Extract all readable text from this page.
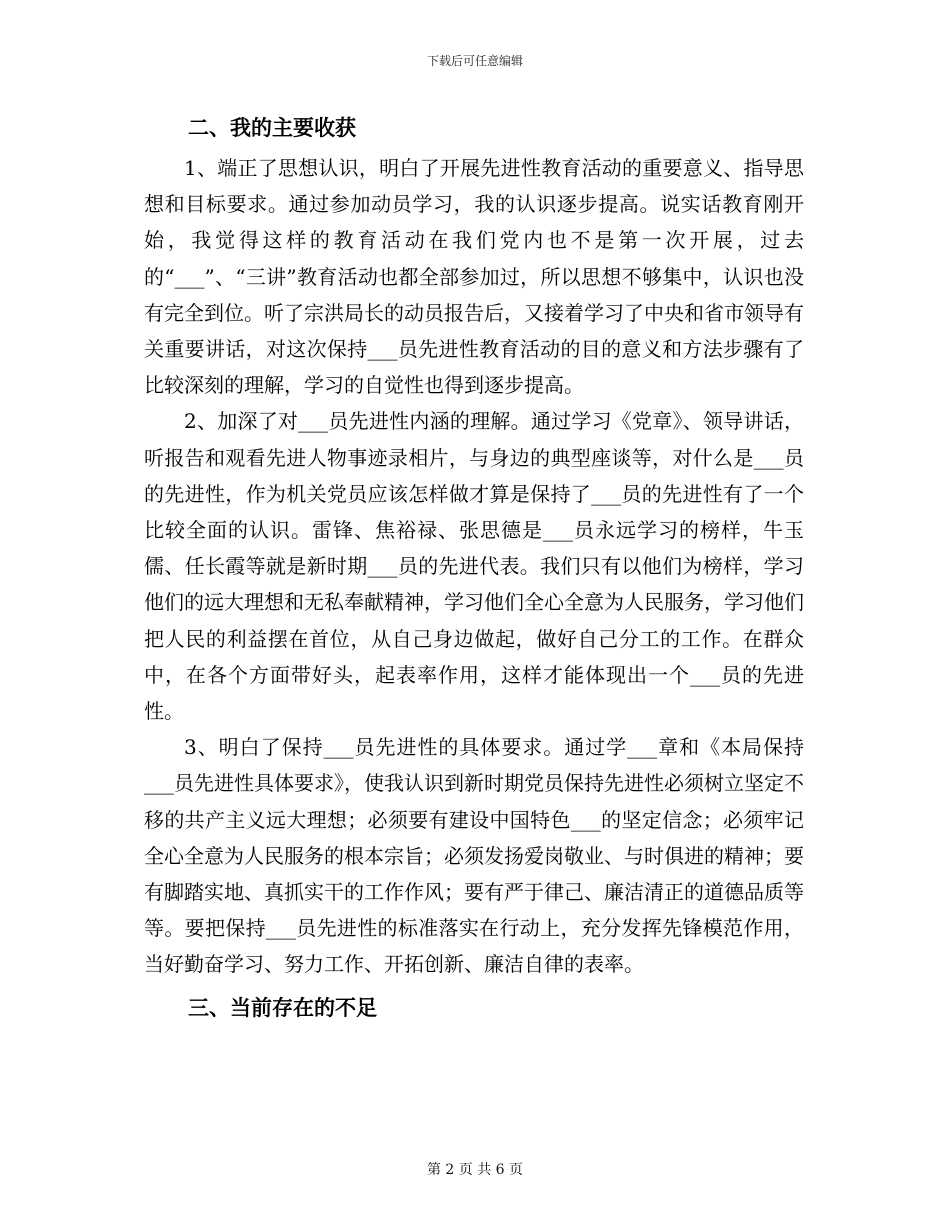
下载后可任意编辑

二、我的主要收获

1、端正了思想认识，明白了开展先进性教育活动的重要意义、指导思想和目标要求。通过参加动员学习，我的认识逐步提高。说实话教育刚开始，我觉得这样的教育活动在我们党内也不是第一次开展，过去的“___”、“三讲”教育活动也都全部参加过，所以思想不够集中，认识也没有完全到位。听了宗洪局长的动员报告后，又接着学习了中央和省市领导有关重要讲话，对这次保持___员先进性教育活动的目的意义和方法步骤有了比较深刻的理解，学习的自觉性也得到逐步提高。

2、加深了对___员先进性内涵的理解。通过学习《党章》、领导讲话，听报告和观看先进人物事迹录相片，与身边的典型座谈等，对什么是___员的先进性，作为机关党员应该怎样做才算是保持了___员的先进性有了一个比较全面的认识。雷锋、焦裕禄、张思德是___员永远学习的榜样，牛玉儒、任长霞等就是新时期___员的先进代表。我们只有以他们为榜样，学习他们的远大理想和无私奉献精神，学习他们全心全意为人民服务，学习他们把人民的利益摆在首位，从自己身边做起，做好自己分工的工作。在群众中，在各个方面带好头，起表率作用，这样才能体现出一个___员的先进性。

3、明白了保持___员先进性的具体要求。通过学___章和《本局保持___员先进性具体要求》，使我认识到新时期党员保持先进性必须树立坚定不移的共产主义远大理想；必须要有建设中国特色___的坚定信念；必须牢记全心全意为人民服务的根本宗旨；必须发扬爱岗敬业、与时俱进的精神；要有脚踏实地、真抓实干的工作作风；要有严于律己、廉洁清正的道德品质等等。要把保持___员先进性的标准落实在行动上，充分发挥先锋模范作用，当好勤奋学习、努力工作、开拓创新、廉洁自律的表率。

三、当前存在的不足

第 2 页 共 6 页
